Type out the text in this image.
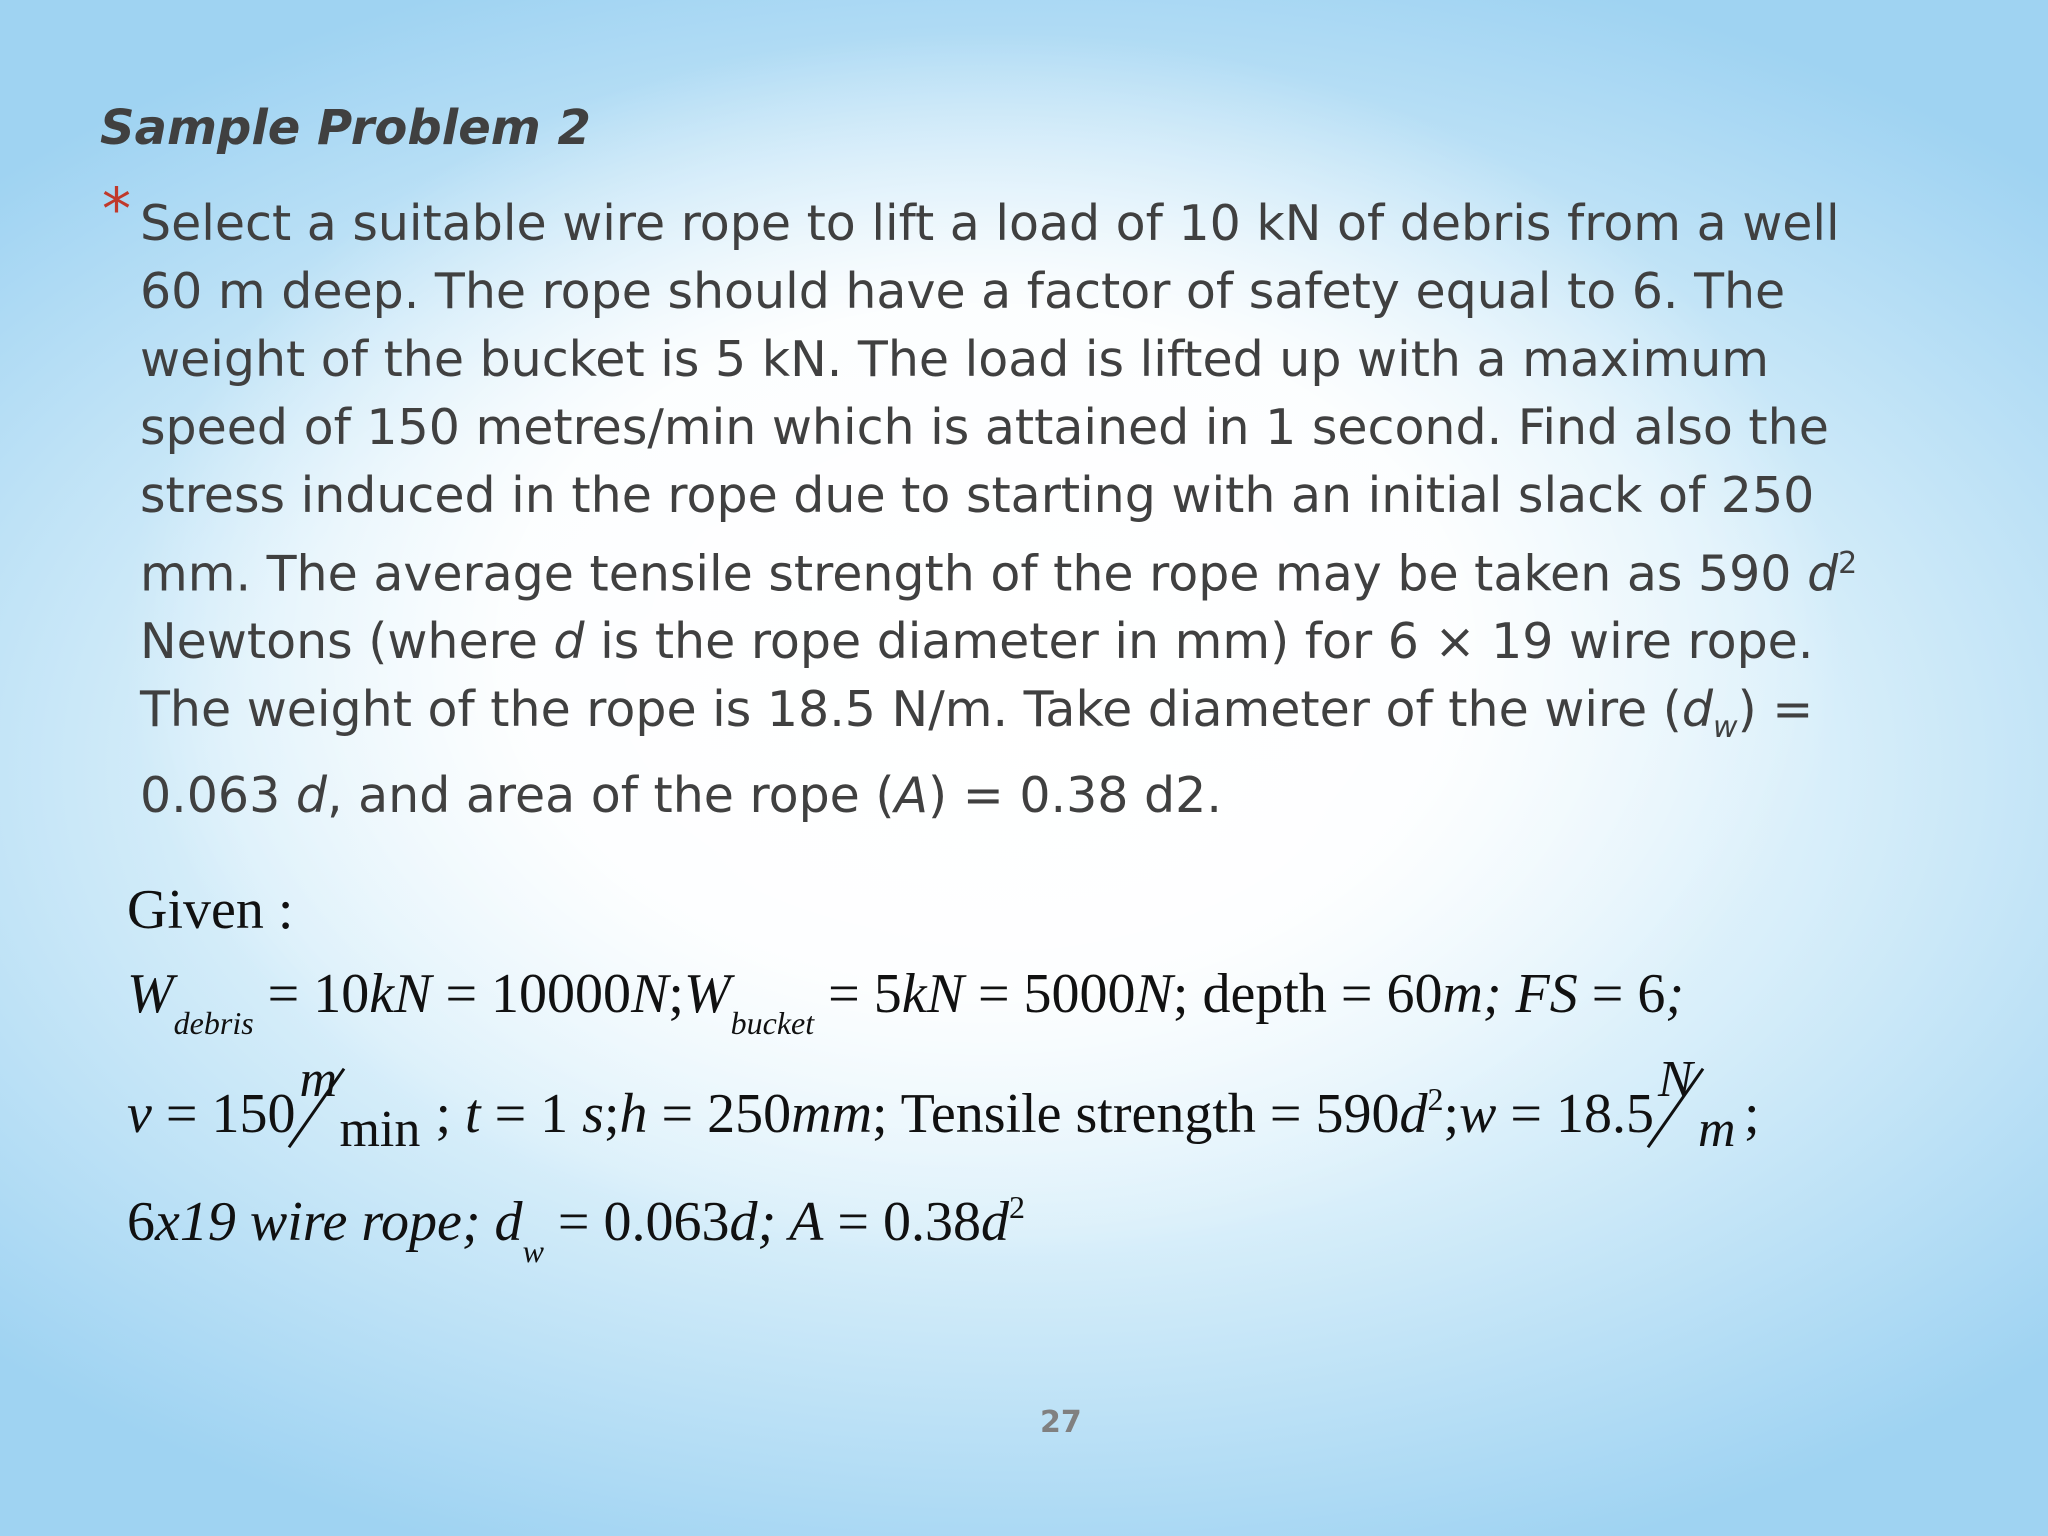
Sample Problem 2
* Select a suitable wire rope to lift a load of 10 kN of debris from a well
60 m deep. The rope should have a factor of safety equal to 6. The
weight of the bucket is 5 kN. The load is lifted up with a maximum
speed of 150 metres/min which is attained in 1 second. Find also the
stress induced in the rope due to starting with an initial slack of 250
mm. The average tensile strength of the rope may be taken as 590 $d^2$
Newtons (where d is the rope diameter in mm) for 6 × 19 wire rope.
The weight of the rope is 18.5 N/m. Take diameter of the wire $(d_w)$ =
0.063 d, and area of the rope (A) = 0.38 d2.
Given :
$W_{debris} = 10kN$ = $10000N;W_{bucket} = 5kN = 5000N$; depth = 60m; FS = 6;
v = 150
m
min ; t = 1 s;h = 250mm; Tensile strength = $590d^2;w = 18.5$
N
m ;
6x19 wire rope; $d_w = 0.063d$; $A = 0.38d^2$
27
